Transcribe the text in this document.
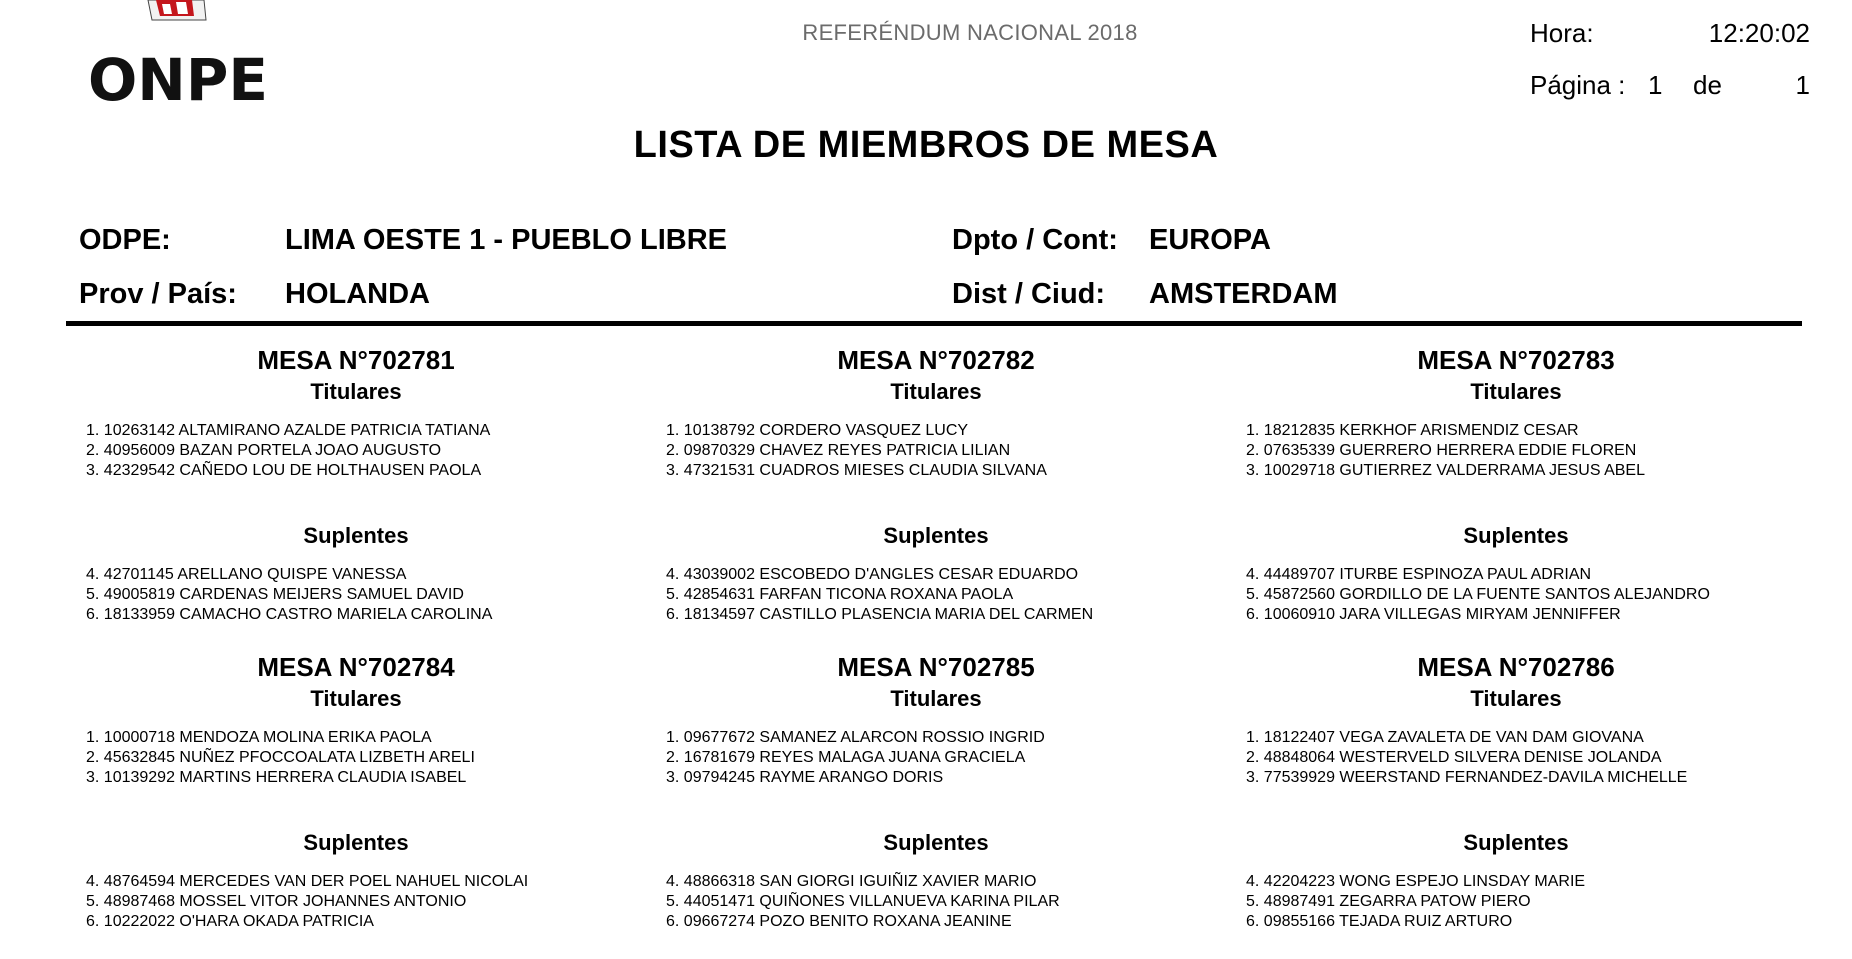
ONPE
REFERÉNDUM NACIONAL 2018	Hora:	12:20:02
Página : 1 de	1
LISTA DE MIEMBROS DE MESA
ODPE:	LIMA OESTE 1 - PUEBLO LIBRE	Dpto / Cont: EUROPA
Prov / País: HOLANDA	Dist / Ciud: AMSTERDAM
MESA N°702781
Titulares
1. 10263142 ALTAMIRANO AZALDE PATRICIA TATIANA
2. 40956009 BAZAN PORTELA JOAO AUGUSTO
3. 42329542 CAÑEDO LOU DE HOLTHAUSEN PAOLA
Suplentes
4. 42701145 ARELLANO QUISPE VANESSA
5. 49005819 CARDENAS MEIJERS SAMUEL DAVID
6. 18133959 CAMACHO CASTRO MARIELA CAROLINA
MESA N°702782
Titulares
1. 10138792 CORDERO VASQUEZ LUCY
2. 09870329 CHAVEZ REYES PATRICIA LILIAN
3. 47321531 CUADROS MIESES CLAUDIA SILVANA
Suplentes
4. 43039002 ESCOBEDO D'ANGLES CESAR EDUARDO
5. 42854631 FARFAN TICONA ROXANA PAOLA
6. 18134597 CASTILLO PLASENCIA MARIA DEL CARMEN
MESA N°702783
Titulares
1. 18212835 KERKHOF ARISMENDIZ CESAR
2. 07635339 GUERRERO HERRERA EDDIE FLOREN
3. 10029718 GUTIERREZ VALDERRAMA JESUS ABEL
Suplentes
4. 44489707 ITURBE ESPINOZA PAUL ADRIAN
5. 45872560 GORDILLO DE LA FUENTE SANTOS ALEJANDRO
6. 10060910 JARA VILLEGAS MIRYAM JENNIFFER
MESA N°702784
Titulares
1. 10000718 MENDOZA MOLINA ERIKA PAOLA
2. 45632845 NUÑEZ PFOCCOALATA LIZBETH ARELI
3. 10139292 MARTINS HERRERA CLAUDIA ISABEL
Suplentes
4. 48764594 MERCEDES VAN DER POEL NAHUEL NICOLAI
5. 48987468 MOSSEL VITOR JOHANNES ANTONIO
6. 10222022 O'HARA OKADA PATRICIA
MESA N°702785
Titulares
1. 09677672 SAMANEZ ALARCON ROSSIO INGRID
2. 16781679 REYES MALAGA JUANA GRACIELA
3. 09794245 RAYME ARANGO DORIS
Suplentes
4. 48866318 SAN GIORGI IGUIÑIZ XAVIER MARIO
5. 44051471 QUIÑONES VILLANUEVA KARINA PILAR
6. 09667274 POZO BENITO ROXANA JEANINE
MESA N°702786
Titulares
1. 18122407 VEGA ZAVALETA DE VAN DAM GIOVANA
2. 48848064 WESTERVELD SILVERA DENISE JOLANDA
3. 77539929 WEERSTAND FERNANDEZ-DAVILA MICHELLE
Suplentes
4. 42204223 WONG ESPEJO LINSDAY MARIE
5. 48987491 ZEGARRA PATOW PIERO
6. 09855166 TEJADA RUIZ ARTURO
